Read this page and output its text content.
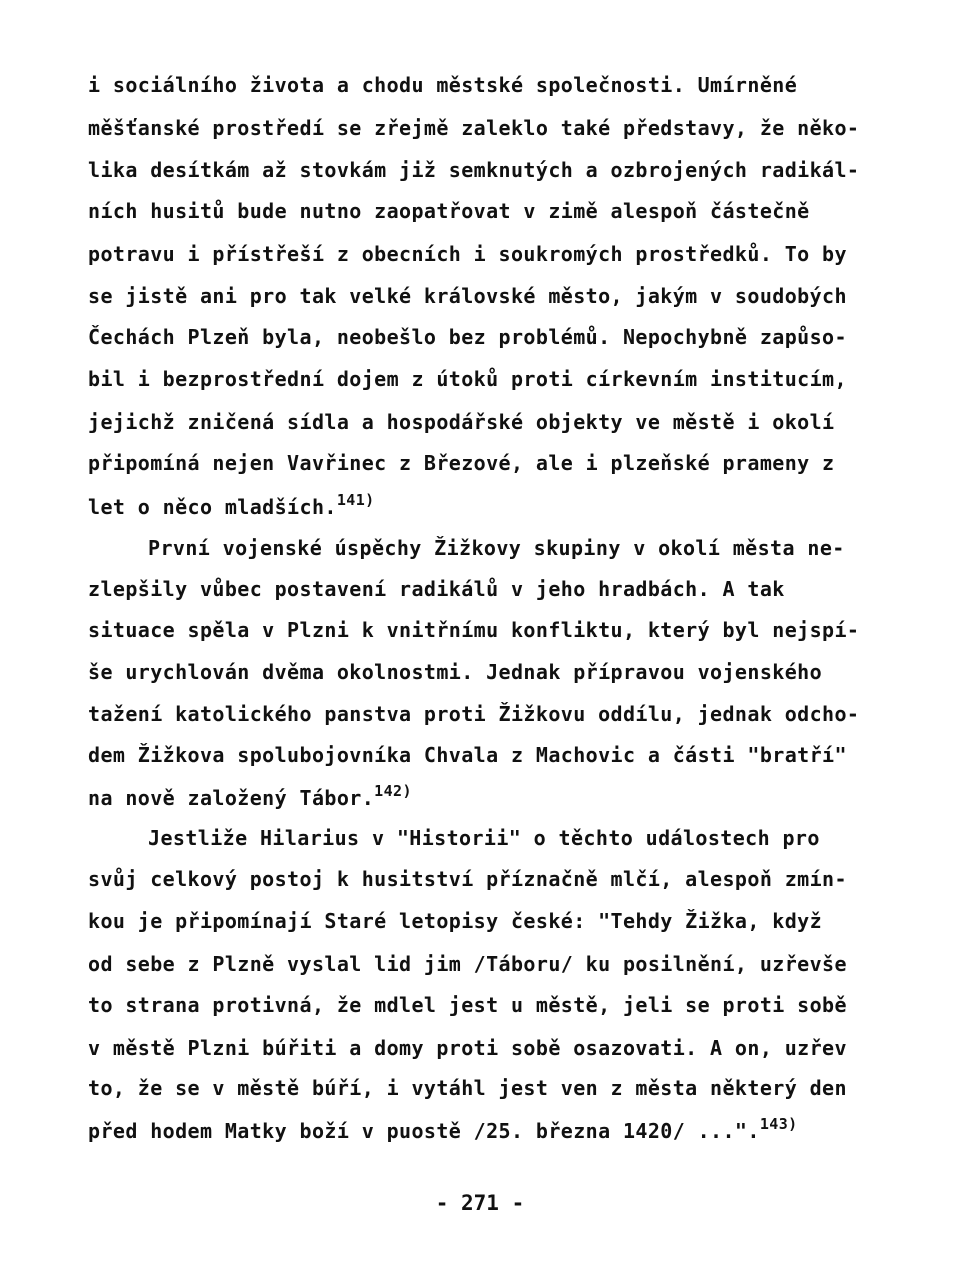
i sociálního života a chodu městské společnosti. Umírněné
měšťanské prostředí se zřejmě zaleklo také představy, že něko-
lika desítkám až stovkám již semknutých a ozbrojených radikál-
ních husitů bude nutno zaopatřovat v zimě alespoň částečně
potravu i přístřeší z obecních i soukromých prostředků. To by
se jistě ani pro tak velké královské město, jakým v soudobých
Čechách Plzeň byla, neobešlo bez problémů. Nepochybně zapůso-
bil i bezprostřední dojem z útoků proti církevním institucím,
jejichž zničená sídla a hospodářské objekty ve městě i okolí
připomíná nejen Vavřinec z Březové, ale i plzeňské prameny z
let o něco mladších.$^{141)}$
První vojenské úspěchy Žižkovy skupiny v okolí města ne-
zlepšily vůbec postavení radikálů v jeho hradbách. A tak
situace spěla v Plzni k vnitřnímu konfliktu, který byl nejspí-
še urychlován dvěma okolnostmi. Jednak přípravou vojenského
tažení katolického panstva proti Žižkovu oddílu, jednak odcho-
dem Žižkova spolubojovníka Chvala z Machovic a části "bratří"
na nově založený Tábor.$^{142)}$
Jestliže Hilarius v "Historii" o těchto událostech pro
svůj celkový postoj k husitství příznačně mlčí, alespoň zmín-
kou je připomínají Staré letopisy české: "Tehdy Žižka, když
od sebe z Plzně vyslal lid jim /Táboru/ ku posilnění, uzřevše
to strana protivná, že mdlel jest u městě, jeli se proti sobě
v městě Plzni búřiti a domy proti sobě osazovati. A on, uzřev
to, že se v městě búří, i vytáhl jest ven z města některý den
před hodem Matky boží v puostě /25. března 1420/ ...".$^{143)}$
- 271 -
